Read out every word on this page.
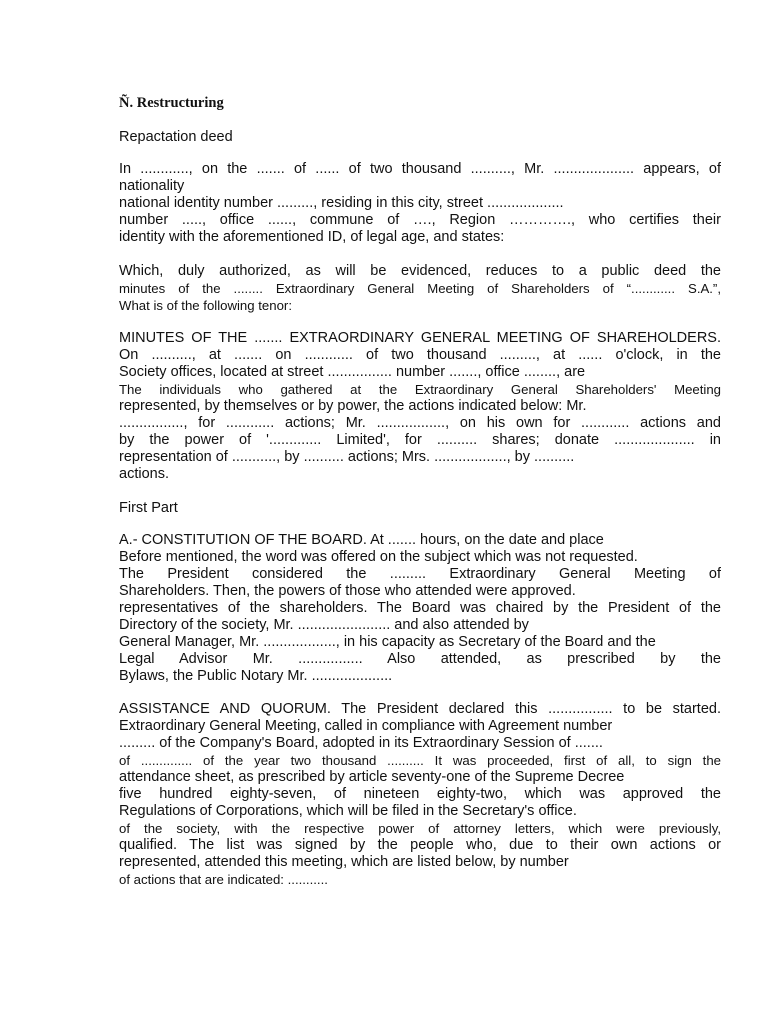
Ñ. Restructuring
Repactation deed
In ............, on the ....... of ...... of two thousand .........., Mr. .................... appears, of
nationality
national identity number ........., residing in this city, street ...................
number ....., office ......, commune of …., Region …………., who certifies their
identity with the aforementioned ID, of legal age, and states:
Which, duly authorized, as will be evidenced, reduces to a public deed the
minutes of the ........ Extraordinary General Meeting of Shareholders of “............ S.A.”,
What is of the following tenor:
MINUTES OF THE ....... EXTRAORDINARY GENERAL MEETING OF SHAREHOLDERS.
On .........., at ....... on ............ of two thousand ........., at ...... o'clock, in the
Society offices, located at street ................ number ......., office ........, are
The individuals who gathered at the Extraordinary General Shareholders' Meeting
represented, by themselves or by power, the actions indicated below: Mr.
................, for ............ actions; Mr. ................., on his own for ............ actions and
by the power of '............. Limited', for .......... shares; donate .................... in
representation of ..........., by .......... actions; Mrs. .................., by ..........
actions.
First Part
A.- CONSTITUTION OF THE BOARD. At ....... hours, on the date and place
Before mentioned, the word was offered on the subject which was not requested.
The President considered the ......... Extraordinary General Meeting of
Shareholders. Then, the powers of those who attended were approved.
representatives of the shareholders. The Board was chaired by the President of the
Directory of the society, Mr. ....................... and also attended by
General Manager, Mr. .................., in his capacity as Secretary of the Board and the
Legal Advisor Mr. ................ Also attended, as prescribed by the
Bylaws, the Public Notary Mr. ....................
ASSISTANCE AND QUORUM. The President declared this ................ to be started.
Extraordinary General Meeting, called in compliance with Agreement number
......... of the Company's Board, adopted in its Extraordinary Session of .......
of .............. of the year two thousand .......... It was proceeded, first of all, to sign the
attendance sheet, as prescribed by article seventy-one of the Supreme Decree
five hundred eighty-seven, of nineteen eighty-two, which was approved the
Regulations of Corporations, which will be filed in the Secretary's office.
of the society, with the respective power of attorney letters, which were previously,
qualified. The list was signed by the people who, due to their own actions or
represented, attended this meeting, which are listed below, by number
of actions that are indicated: ...........
